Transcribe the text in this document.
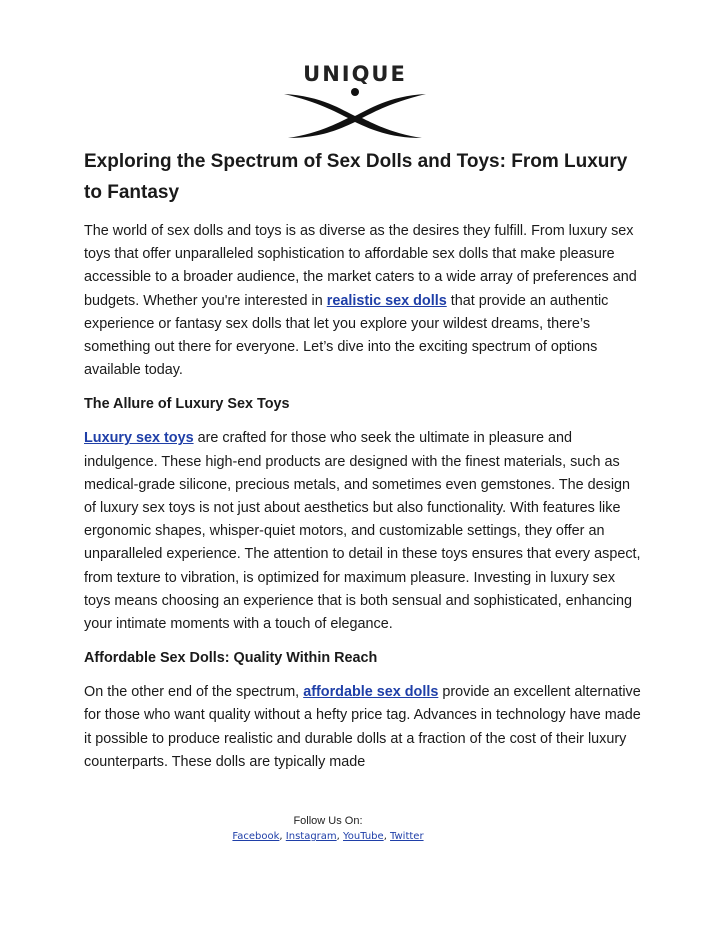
UNIQUE
Exploring the Spectrum of Sex Dolls and Toys: From Luxury to Fantasy

The world of sex dolls and toys is as diverse as the desires they fulfill. From luxury sex toys that offer unparalleled sophistication to affordable sex dolls that make pleasure accessible to a broader audience, the market caters to a wide array of preferences and budgets. Whether you're interested in realistic sex dolls that provide an authentic experience or fantasy sex dolls that let you explore your wildest dreams, there’s something out there for everyone. Let’s dive into the exciting spectrum of options available today.

The Allure of Luxury Sex Toys

Luxury sex toys are crafted for those who seek the ultimate in pleasure and indulgence. These high-end products are designed with the finest materials, such as medical-grade silicone, precious metals, and sometimes even gemstones. The design of luxury sex toys is not just about aesthetics but also functionality. With features like ergonomic shapes, whisper-quiet motors, and customizable settings, they offer an unparalleled experience. The attention to detail in these toys ensures that every aspect, from texture to vibration, is optimized for maximum pleasure. Investing in luxury sex toys means choosing an experience that is both sensual and sophisticated, enhancing your intimate moments with a touch of elegance.

Affordable Sex Dolls: Quality Within Reach

On the other end of the spectrum, affordable sex dolls provide an excellent alternative for those who want quality without a hefty price tag. Advances in technology have made it possible to produce realistic and durable dolls at a fraction of the cost of their luxury counterparts. These dolls are typically made

Follow Us On:
Facebook, Instagram, YouTube, Twitter
